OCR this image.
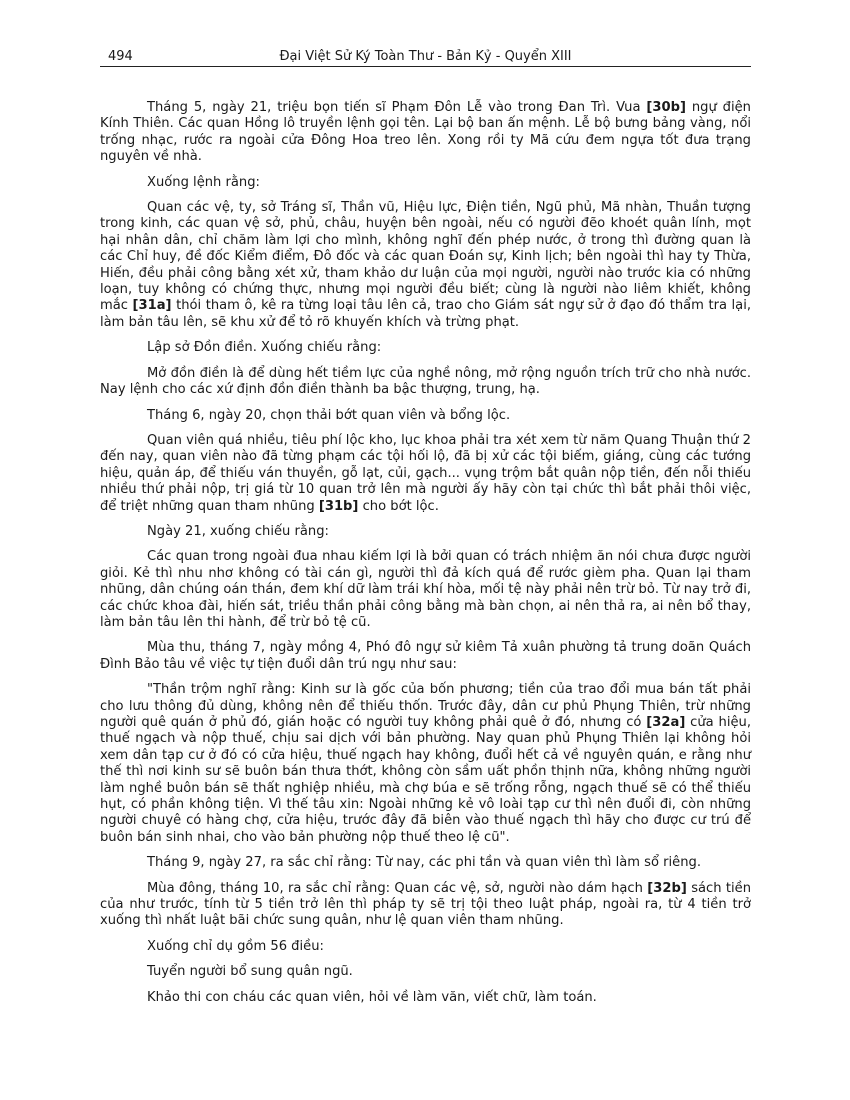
494	Đại Việt Sử Ký Toàn Thư - Bản Kỷ - Quyển XIII

Tháng 5, ngày 21, triệu bọn tiến sĩ Phạm Đôn Lễ vào trong Đan Trì. Vua [30b] ngự điện Kính Thiên. Các quan Hồng lô truyền lệnh gọi tên. Lại bộ ban ấn mệnh. Lễ bộ bưng bảng vàng, nổi trống nhạc, rước ra ngoài cửa Đông Hoa treo lên. Xong rồi ty Mã cứu đem ngựa tốt đưa trạng nguyên về nhà.

Xuống lệnh rằng:

Quan các vệ, ty, sở Tráng sĩ, Thần vũ, Hiệu lực, Điện tiền, Ngũ phủ, Mã nhàn, Thuần tượng trong kinh, các quan vệ sở, phủ, châu, huyện bên ngoài, nếu có người đẽo khoét quân lính, mọt hại nhân dân, chỉ chăm làm lợi cho mình, không nghĩ đến phép nước, ở trong thì đường quan là các Chỉ huy, đề đốc Kiểm điểm, Đô đốc và các quan Đoán sự, Kinh lịch; bên ngoài thì hay ty Thừa, Hiến, đều phải công bằng xét xử, tham khảo dư luận của mọi người, người nào trước kia có những loạn, tuy không có chứng thực, nhưng mọi người đều biết; cùng là người nào liêm khiết, không mắc [31a] thói tham ô, kê ra từng loại tâu lên cả, trao cho Giám sát ngự sử ở đạo đó thẩm tra lại, làm bản tâu lên, sẽ khu xử để tỏ rõ khuyến khích và trừng phạt.

Lập sở Đồn điền. Xuống chiếu rằng:

Mở đồn điền là để dùng hết tiềm lực của nghề nông, mở rộng nguồn trích trữ cho nhà nước. Nay lệnh cho các xứ định đồn điền thành ba bậc thượng, trung, hạ.

Tháng 6, ngày 20, chọn thải bớt quan viên và bổng lộc.

Quan viên quá nhiều, tiêu phí lộc kho, lục khoa phải tra xét xem từ năm Quang Thuận thứ 2 đến nay, quan viên nào đã từng phạm các tội hối lộ, đã bị xử các tội biếm, giáng, cùng các tướng hiệu, quản áp, để thiếu ván thuyền, gỗ lạt, củi, gạch... vụng trộm bắt quân nộp tiền, đến nỗi thiếu nhiều thứ phải nộp, trị giá từ 10 quan trở lên mà người ấy hãy còn tại chức thì bắt phải thôi việc, để triệt những quan tham nhũng [31b] cho bớt lộc.

Ngày 21, xuống chiếu rằng:

Các quan trong ngoài đua nhau kiếm lợi là bởi quan có trách nhiệm ăn nói chưa được người giỏi. Kẻ thì nhu nhơ không có tài cán gì, người thì đả kích quá để rước gièm pha. Quan lại tham nhũng, dân chúng oán thán, đem khí dữ làm trái khí hòa, mối tệ này phải nên trừ bỏ. Từ nay trở đi, các chức khoa đài, hiến sát, triều thần phải công bằng mà bàn chọn, ai nên thả ra, ai nên bổ thay, làm bản tâu lên thi hành, để trừ bỏ tệ cũ.

Mùa thu, tháng 7, ngày mồng 4, Phó đô ngự sử kiêm Tả xuân phường tả trung doãn Quách Đình Bảo tâu về việc tự tiện đuổi dân trú ngụ như sau:

"Thần trộm nghĩ rằng: Kinh sư là gốc của bốn phương; tiền của trao đổi mua bán tất phải cho lưu thông đủ dùng, không nên để thiếu thốn. Trước đây, dân cư phủ Phụng Thiên, trừ những người quê quán ở phủ đó, gián hoặc có người tuy không phải quê ở đó, nhưng có [32a] cửa hiệu, thuế ngạch và nộp thuế, chịu sai dịch với bản phường. Nay quan phủ Phụng Thiên lại không hỏi xem dân tạp cư ở đó có cửa hiệu, thuế ngạch hay không, đuổi hết cả về nguyên quán, e rằng như thế thì nơi kinh sư sẽ buôn bán thưa thớt, không còn sầm uất phồn thịnh nữa, không những người làm nghề buôn bán sẽ thất nghiệp nhiều, mà chợ búa e sẽ trống rỗng, ngạch thuế sẽ có thể thiếu hụt, có phần không tiện. Vì thế tâu xin: Ngoài những kẻ vô loài tạp cư thì nên đuổi đi, còn những người chuyê có hàng chợ, cửa hiệu, trước đây đã biên vào thuế ngạch thì hãy cho được cư trú để buôn bán sinh nhai, cho vào bản phường nộp thuế theo lệ cũ".

Tháng 9, ngày 27, ra sắc chỉ rằng: Từ nay, các phi tần và quan viên thì làm sổ riêng.

Mùa đông, tháng 10, ra sắc chỉ rằng: Quan các vệ, sở, người nào dám hạch [32b] sách tiền của như trước, tính từ 5 tiền trở lên thì pháp ty sẽ trị tội theo luật pháp, ngoài ra, từ 4 tiền trở xuống thì nhất luật bãi chức sung quân, như lệ quan viên tham nhũng.

Xuống chỉ dụ gồm 56 điều:

Tuyển người bổ sung quân ngũ.

Khảo thi con cháu các quan viên, hỏi về làm văn, viết chữ, làm toán.
